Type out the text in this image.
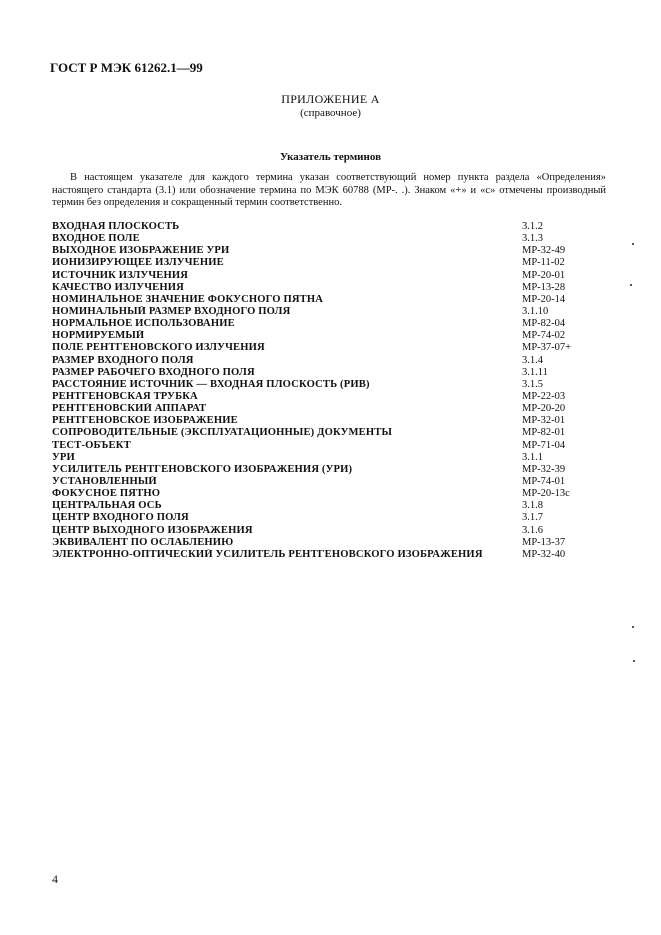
ГОСТ Р МЭК 61262.1—99
ПРИЛОЖЕНИЕ А
(справочное)
Указатель терминов

В настоящем указателе для каждого термина указан соответствующий номер пункта раздела «Определения» настоящего стандарта (3.1) или обозначение термина по МЭК 60788 (МР-. .). Знаком «+» и «с» отмечены производный термин без определения и сокращенный термин соответственно.

ВХОДНАЯ ПЛОСКОСТЬ	3.1.2
ВХОДНОЕ ПОЛЕ	3.1.3
ВЫХОДНОЕ ИЗОБРАЖЕНИЕ УРИ	МР-32-49
ИОНИЗИРУЮЩЕЕ ИЗЛУЧЕНИЕ	МР-11-02
ИСТОЧНИК ИЗЛУЧЕНИЯ	МР-20-01
КАЧЕСТВО ИЗЛУЧЕНИЯ	МР-13-28
НОМИНАЛЬНОЕ ЗНАЧЕНИЕ ФОКУСНОГО ПЯТНА	МР-20-14
НОМИНАЛЬНЫЙ РАЗМЕР ВХОДНОГО ПОЛЯ	3.1.10
НОРМАЛЬНОЕ ИСПОЛЬЗОВАНИЕ	МР-82-04
НОРМИРУЕМЫЙ	МР-74-02
ПОЛЕ РЕНТГЕНОВСКОГО ИЗЛУЧЕНИЯ	МР-37-07+
РАЗМЕР ВХОДНОГО ПОЛЯ	3.1.4
РАЗМЕР РАБОЧЕГО ВХОДНОГО ПОЛЯ	3.1.11
РАССТОЯНИЕ ИСТОЧНИК — ВХОДНАЯ ПЛОСКОСТЬ (РИВ)	3.1.5
РЕНТГЕНОВСКАЯ ТРУБКА	МР-22-03
РЕНТГЕНОВСКИЙ АППАРАТ	МР-20-20
РЕНТГЕНОВСКОЕ ИЗОБРАЖЕНИЕ	МР-32-01
СОПРОВОДИТЕЛЬНЫЕ (ЭКСПЛУАТАЦИОННЫЕ) ДОКУМЕНТЫ	МР-82-01
ТЕСТ-ОБЪЕКТ	МР-71-04
УРИ	3.1.1
УСИЛИТЕЛЬ РЕНТГЕНОВСКОГО ИЗОБРАЖЕНИЯ (УРИ)	МР-32-39
УСТАНОВЛЕННЫЙ	МР-74-01
ФОКУСНОЕ ПЯТНО	МР-20-13с
ЦЕНТРАЛЬНАЯ ОСЬ	3.1.8
ЦЕНТР ВХОДНОГО ПОЛЯ	3.1.7
ЦЕНТР ВЫХОДНОГО ИЗОБРАЖЕНИЯ	3.1.6
ЭКВИВАЛЕНТ ПО ОСЛАБЛЕНИЮ	МР-13-37
ЭЛЕКТРОННО-ОПТИЧЕСКИЙ УСИЛИТЕЛЬ РЕНТГЕНОВСКОГО ИЗОБРАЖЕНИЯ	МР-32-40
4
